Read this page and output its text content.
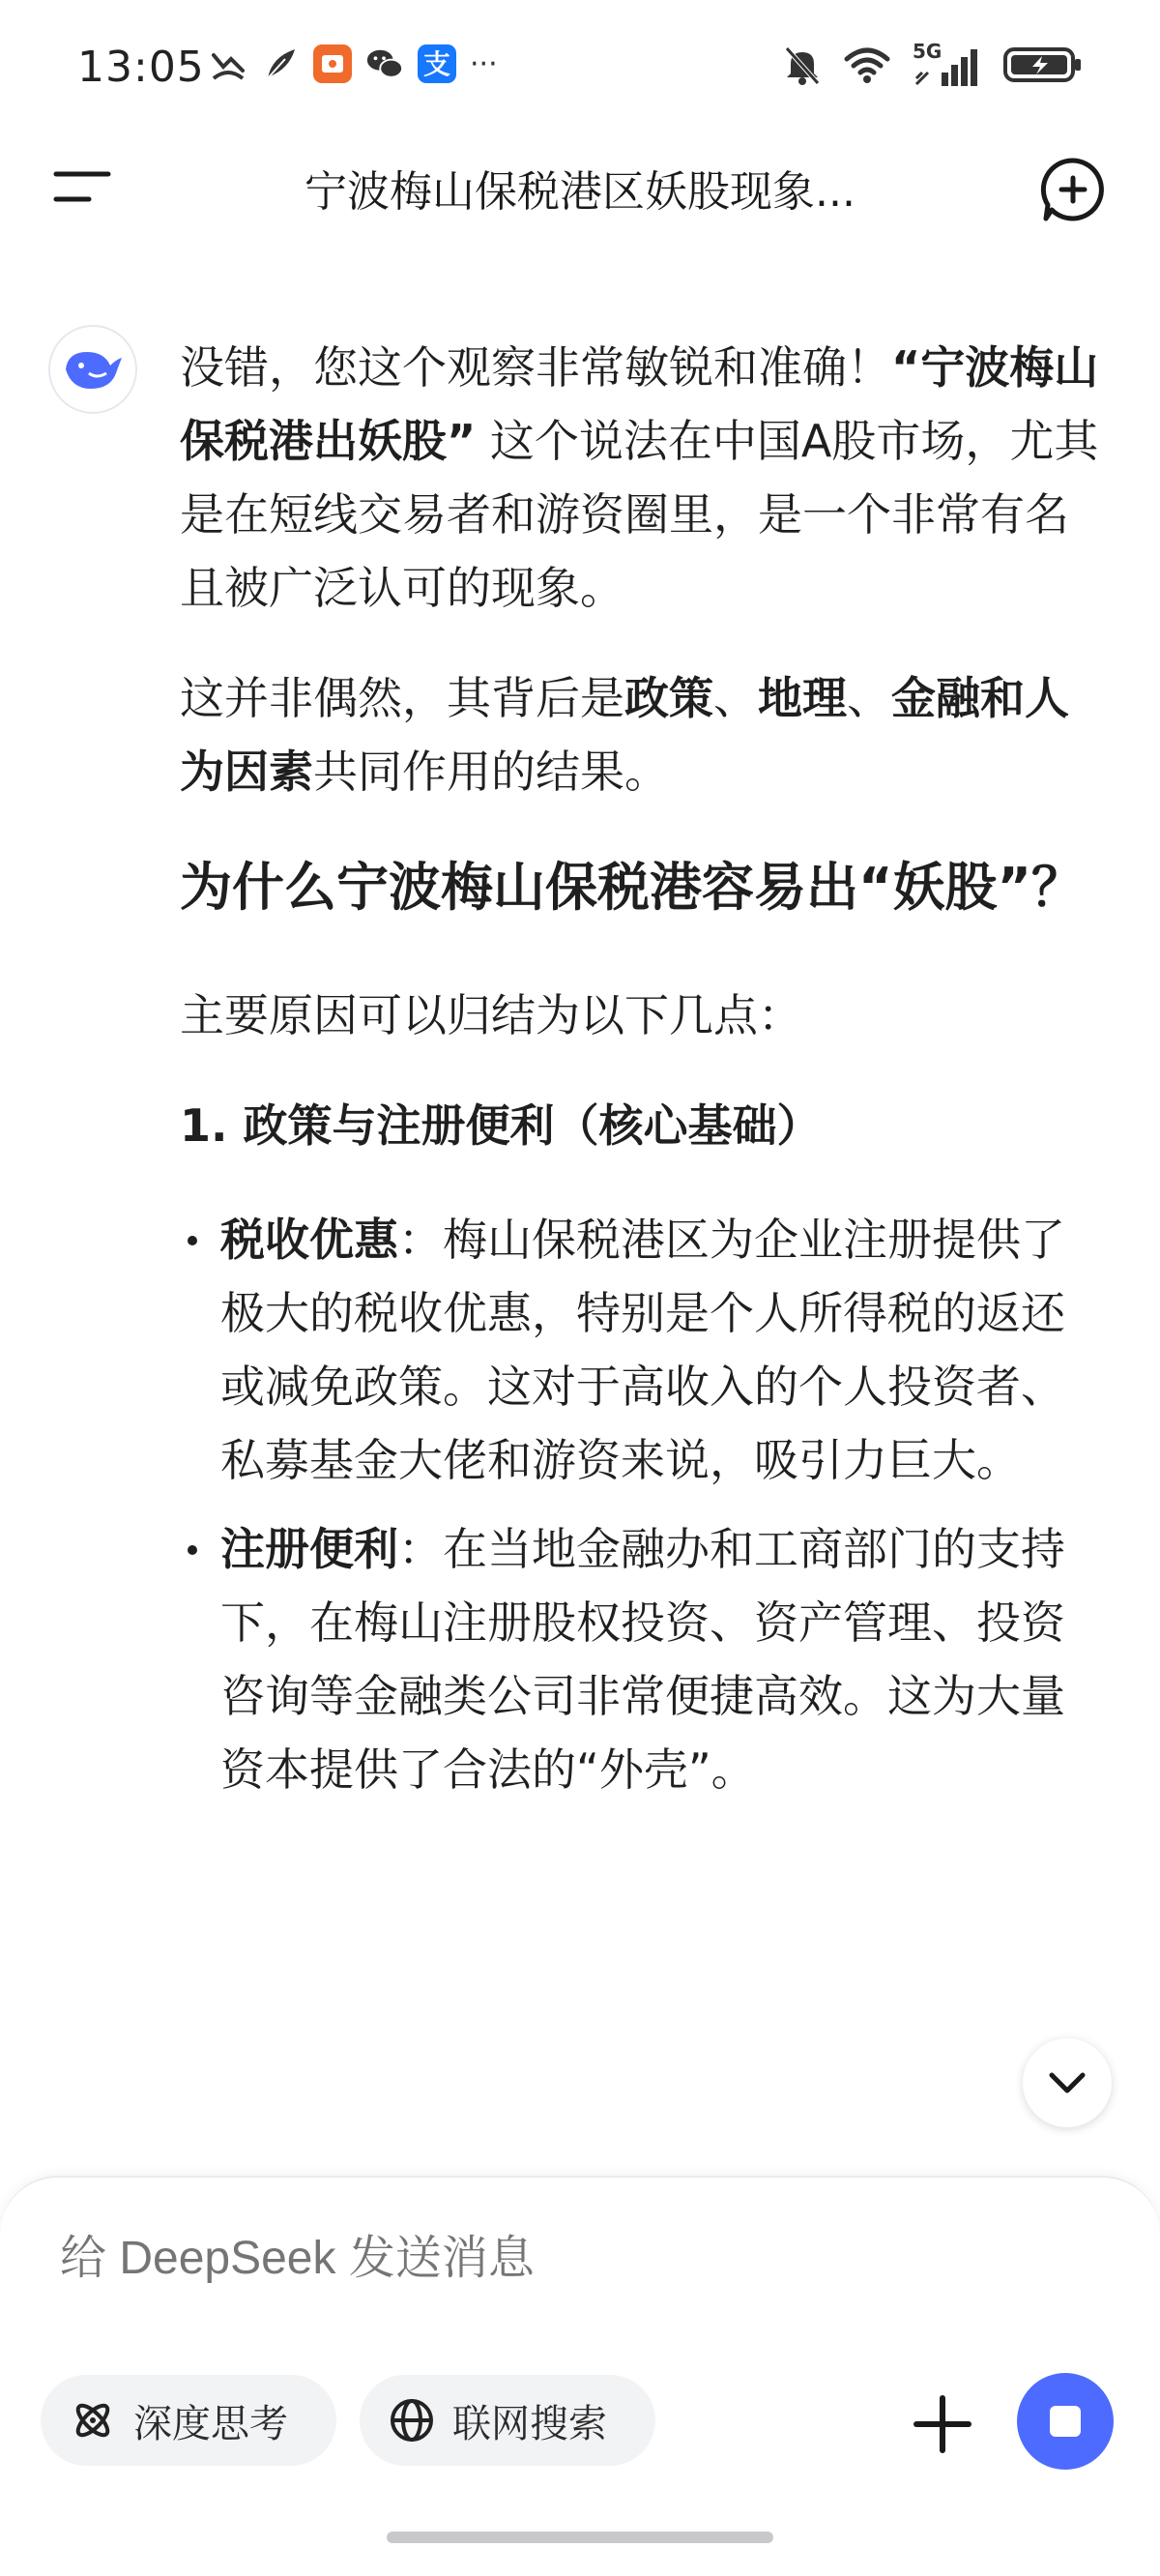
13:05	支 ···	5G
宁波梅山保税港区妖股现象...

没错，您这个观察非常敏锐和准确！“宁波梅山保税港出妖股” 这个说法在中国A股市场，尤其是在短线交易者和游资圈里，是一个非常有名且被广泛认可的现象。

这并非偶然，其背后是政策、地理、金融和人为因素共同作用的结果。

为什么宁波梅山保税港容易出“妖股”？

主要原因可以归结为以下几点：

1. 政策与注册便利（核心基础）
税收优惠：梅山保税港区为企业注册提供了极大的税收优惠，特别是个人所得税的返还或减免政策。这对于高收入的个人投资者、私募基金大佬和游资来说，吸引力巨大。
注册便利：在当地金融办和工商部门的支持下，在梅山注册股权投资、资产管理、投资咨询等金融类公司非常便捷高效。这为大量资本提供了合法的“外壳”。
给 DeepSeek 发送消息
深度思考	联网搜索
